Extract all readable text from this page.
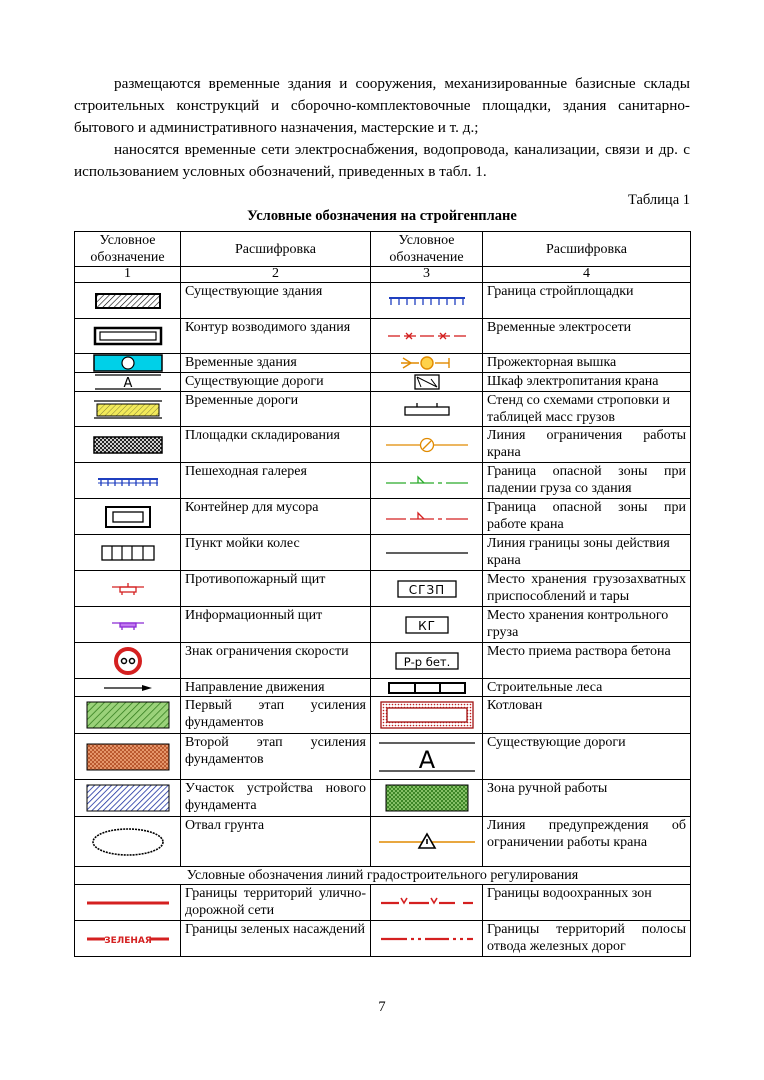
размещаются временные здания и сооружения, механизированные базисные склады строительных конструкций и сборочно-комплектовочные площадки, здания санитарно-бытового и административного назначения, мастерские и т. д.;
наносятся временные сети электроснабжения, водопровода, канализации, связи и др. с использованием условных обозначений, приведенных в табл. 1.
Таблица 1
Условные обозначения на стройгенплане
Условное обозначение	Расшифровка	Условное обозначение	Расшифровка
1	2	3	4

	Существующие здания		Граница стройплощадки

	Контур возводимого здания		Временные электросети

	Временные здания		Прожекторная вышка

А	Существующие дороги		Шкаф электропитания крана

	Временные дороги		Стенд со схемами строповки и таблицей масс грузов

	Площадки складирования		Линия ограничения работы крана

	Пешеходная галерея		Граница опасной зоны при падении груза со здания

	Контейнер для мусора		Граница опасной зоны при работе крана

	Пункт мойки колес		Линия границы зоны действия крана

	Противопожарный щит	СГЗП	Место хранения грузозахватных приспособлений и тары

	Информационный щит	КГ	Место хранения контрольного груза

	Знак ограничения скорости	Р-р бет.	Место приема раствора бетона

	Направление движения		Строительные леса

	Первый этап усиления фундаментов		Котлован

	Второй этап усиления фундаментов	А	Существующие дороги

	Участок устройства нового фундамента		Зона ручной работы

	Отвал грунта		Линия предупреждения об ограничении работы крана
Условные обозначения линий градостроительного регулирования			

	Границы территорий улично-дорожной сети		Границы водоохранных зон

ЗЕЛЕНАЯ	Границы зеленых насаждений		Границы территорий полосы отвода железных дорог
7
